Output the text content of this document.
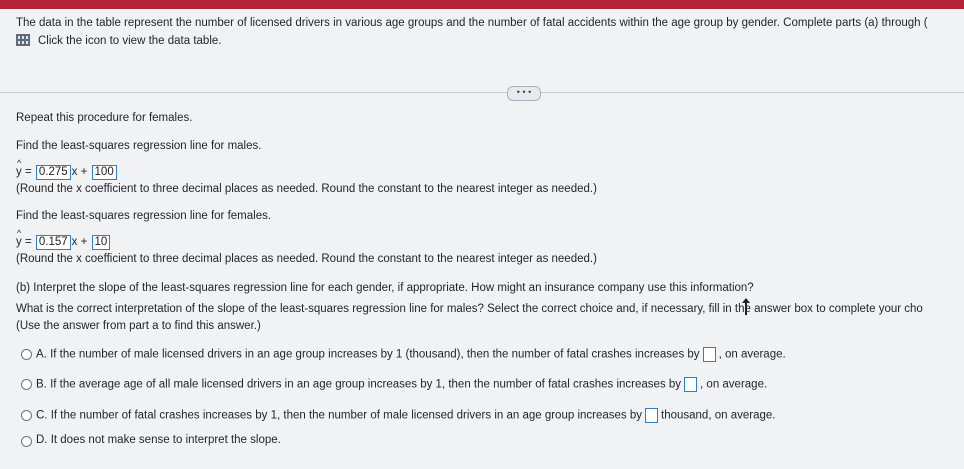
The data in the table represent the number of licensed drivers in various age groups and the number of fatal accidents within the age group by gender. Complete parts (a) through (
Click the icon to view the data table.
• • •
Repeat this procedure for females.
Find the least-squares regression line for males.
^ y = 0.275 x + 100
(Round the x coefficient to three decimal places as needed. Round the constant to the nearest integer as needed.)
Find the least-squares regression line for females.
^ y = 0.157 x + 10
(Round the x coefficient to three decimal places as needed. Round the constant to the nearest integer as needed.)
(b) Interpret the slope of the least-squares regression line for each gender, if appropriate. How might an insurance company use this information?
What is the correct interpretation of the slope of the least-squares regression line for males? Select the correct choice and, if necessary, fill in the answer box to complete your cho
(Use the answer from part a to find this answer.)
A. If the number of male licensed drivers in an age group increases by 1 (thousand), then the number of fatal crashes increases by , on average.
B. If the average age of all male licensed drivers in an age group increases by 1, then the number of fatal crashes increases by , on average.
C. If the number of fatal crashes increases by 1, then the number of male licensed drivers in an age group increases by thousand, on average.
D. It does not make sense to interpret the slope.
